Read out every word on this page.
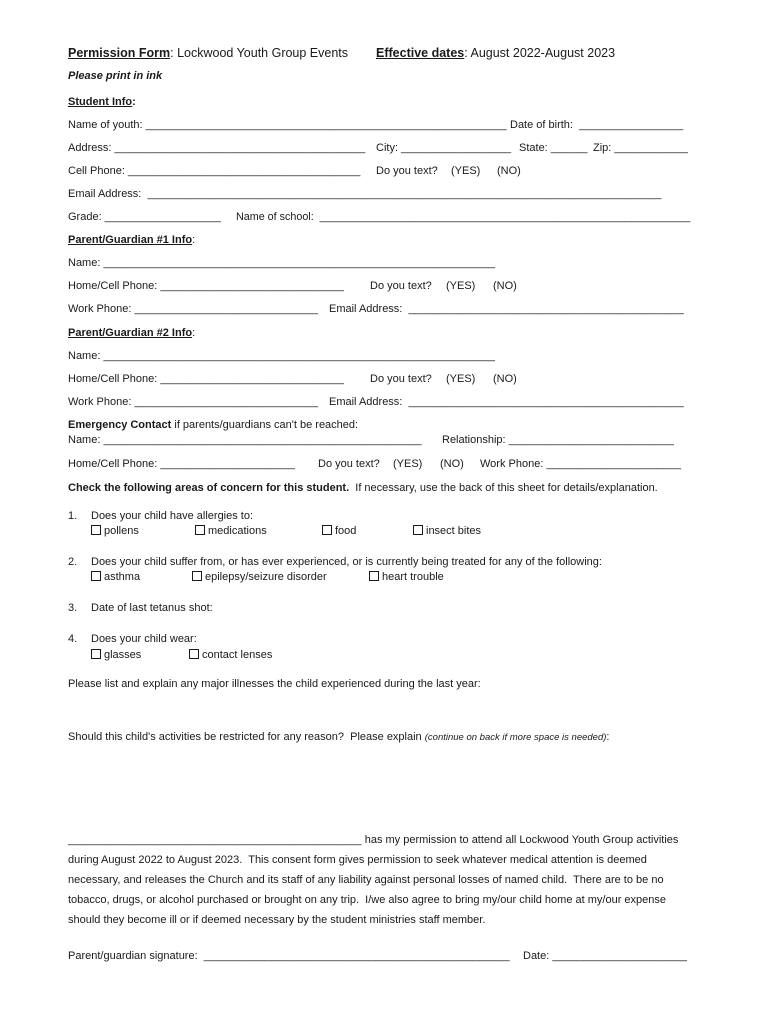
Permission Form: Lockwood Youth Group Events Effective dates: August 2022-August 2023
Please print in ink
Student Info:
Name of youth: ___________________________________________________________ Date of birth:  _________________
Address: _________________________________________ City: __________________ State: ______ Zip: ____________
Cell Phone: ______________________________________ Do you text? (YES) (NO)
Email Address:  ____________________________________________________________________________________
Grade: ___________________ Name of school:  ______________________________________________________________
Parent/Guardian #1 Info:
Name: ________________________________________________________________
Home/Cell Phone: ______________________________ Do you text? (YES) (NO)
Work Phone: ______________________________ Email Address:  _____________________________________________
Parent/Guardian #2 Info:
Name: ________________________________________________________________
Home/Cell Phone: ______________________________ Do you text? (YES) (NO)
Work Phone: ______________________________ Email Address:  _____________________________________________
Emergency Contact if parents/guardians can't be reached:
Name: ____________________________________________________ Relationship: ___________________________
Home/Cell Phone: ______________________ Do you text? (YES) (NO) Work Phone: ______________________
Check the following areas of concern for this student.  If necessary, use the back of this sheet for details/explanation.
1. Does your child have allergies to:
pollens	medications	food	insect bites
2. Does your child suffer from, or has ever experienced, or is currently being treated for any of the following:
asthma	epilepsy/seizure disorder	heart trouble
3. Date of last tetanus shot:
4. Does your child wear:
glasses	contact lenses
Please list and explain any major illnesses the child experienced during the last year:
Should this child's activities be restricted for any reason?  Please explain (continue on back if more space is needed):
________________________________________________ has my permission to attend all Lockwood Youth Group activities
during August 2022 to August 2023.  This consent form gives permission to seek whatever medical attention is deemed
necessary, and releases the Church and its staff of any liability against personal losses of named child.  There are to be no
tobacco, drugs, or alcohol purchased or brought on any trip.  I/we also agree to bring my/our child home at my/our expense
should they become ill or if deemed necessary by the student ministries staff member.
Parent/guardian signature:  __________________________________________________ Date: ______________________
